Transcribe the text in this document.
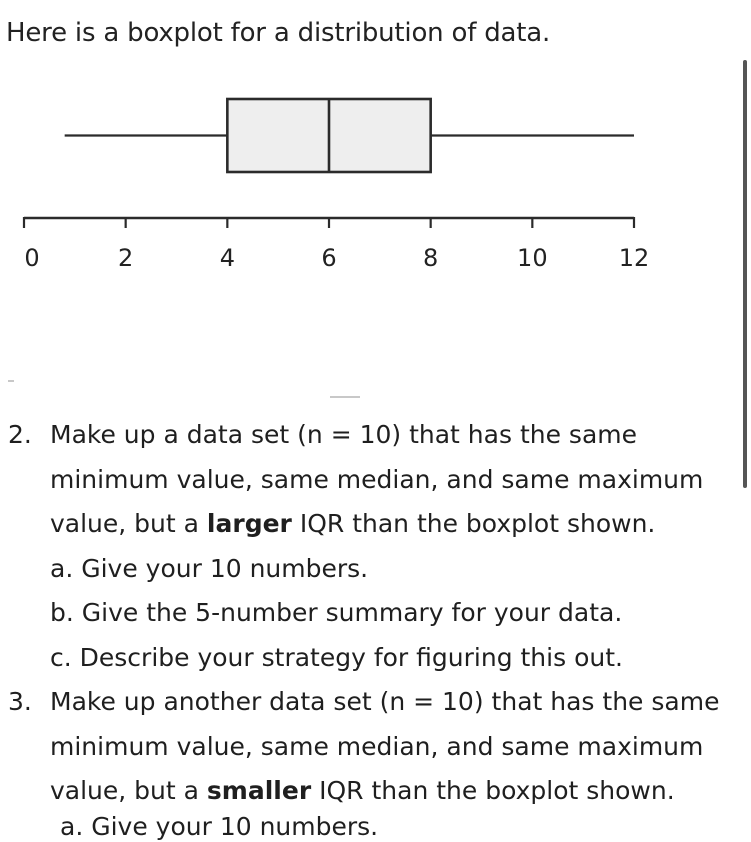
Here is a boxplot for a distribution of data.
0	2	4	6	8	10	12
2. Make up a data set (n = 10) that has the same
minimum value, same median, and same maximum
value, but a larger IQR than the boxplot shown.
a. Give your 10 numbers.
b. Give the 5-number summary for your data.
c. Describe your strategy for figuring this out.
3. Make up another data set (n = 10) that has the same
minimum value, same median, and same maximum
value, but a smaller IQR than the boxplot shown.
a. Give your 10 numbers.
